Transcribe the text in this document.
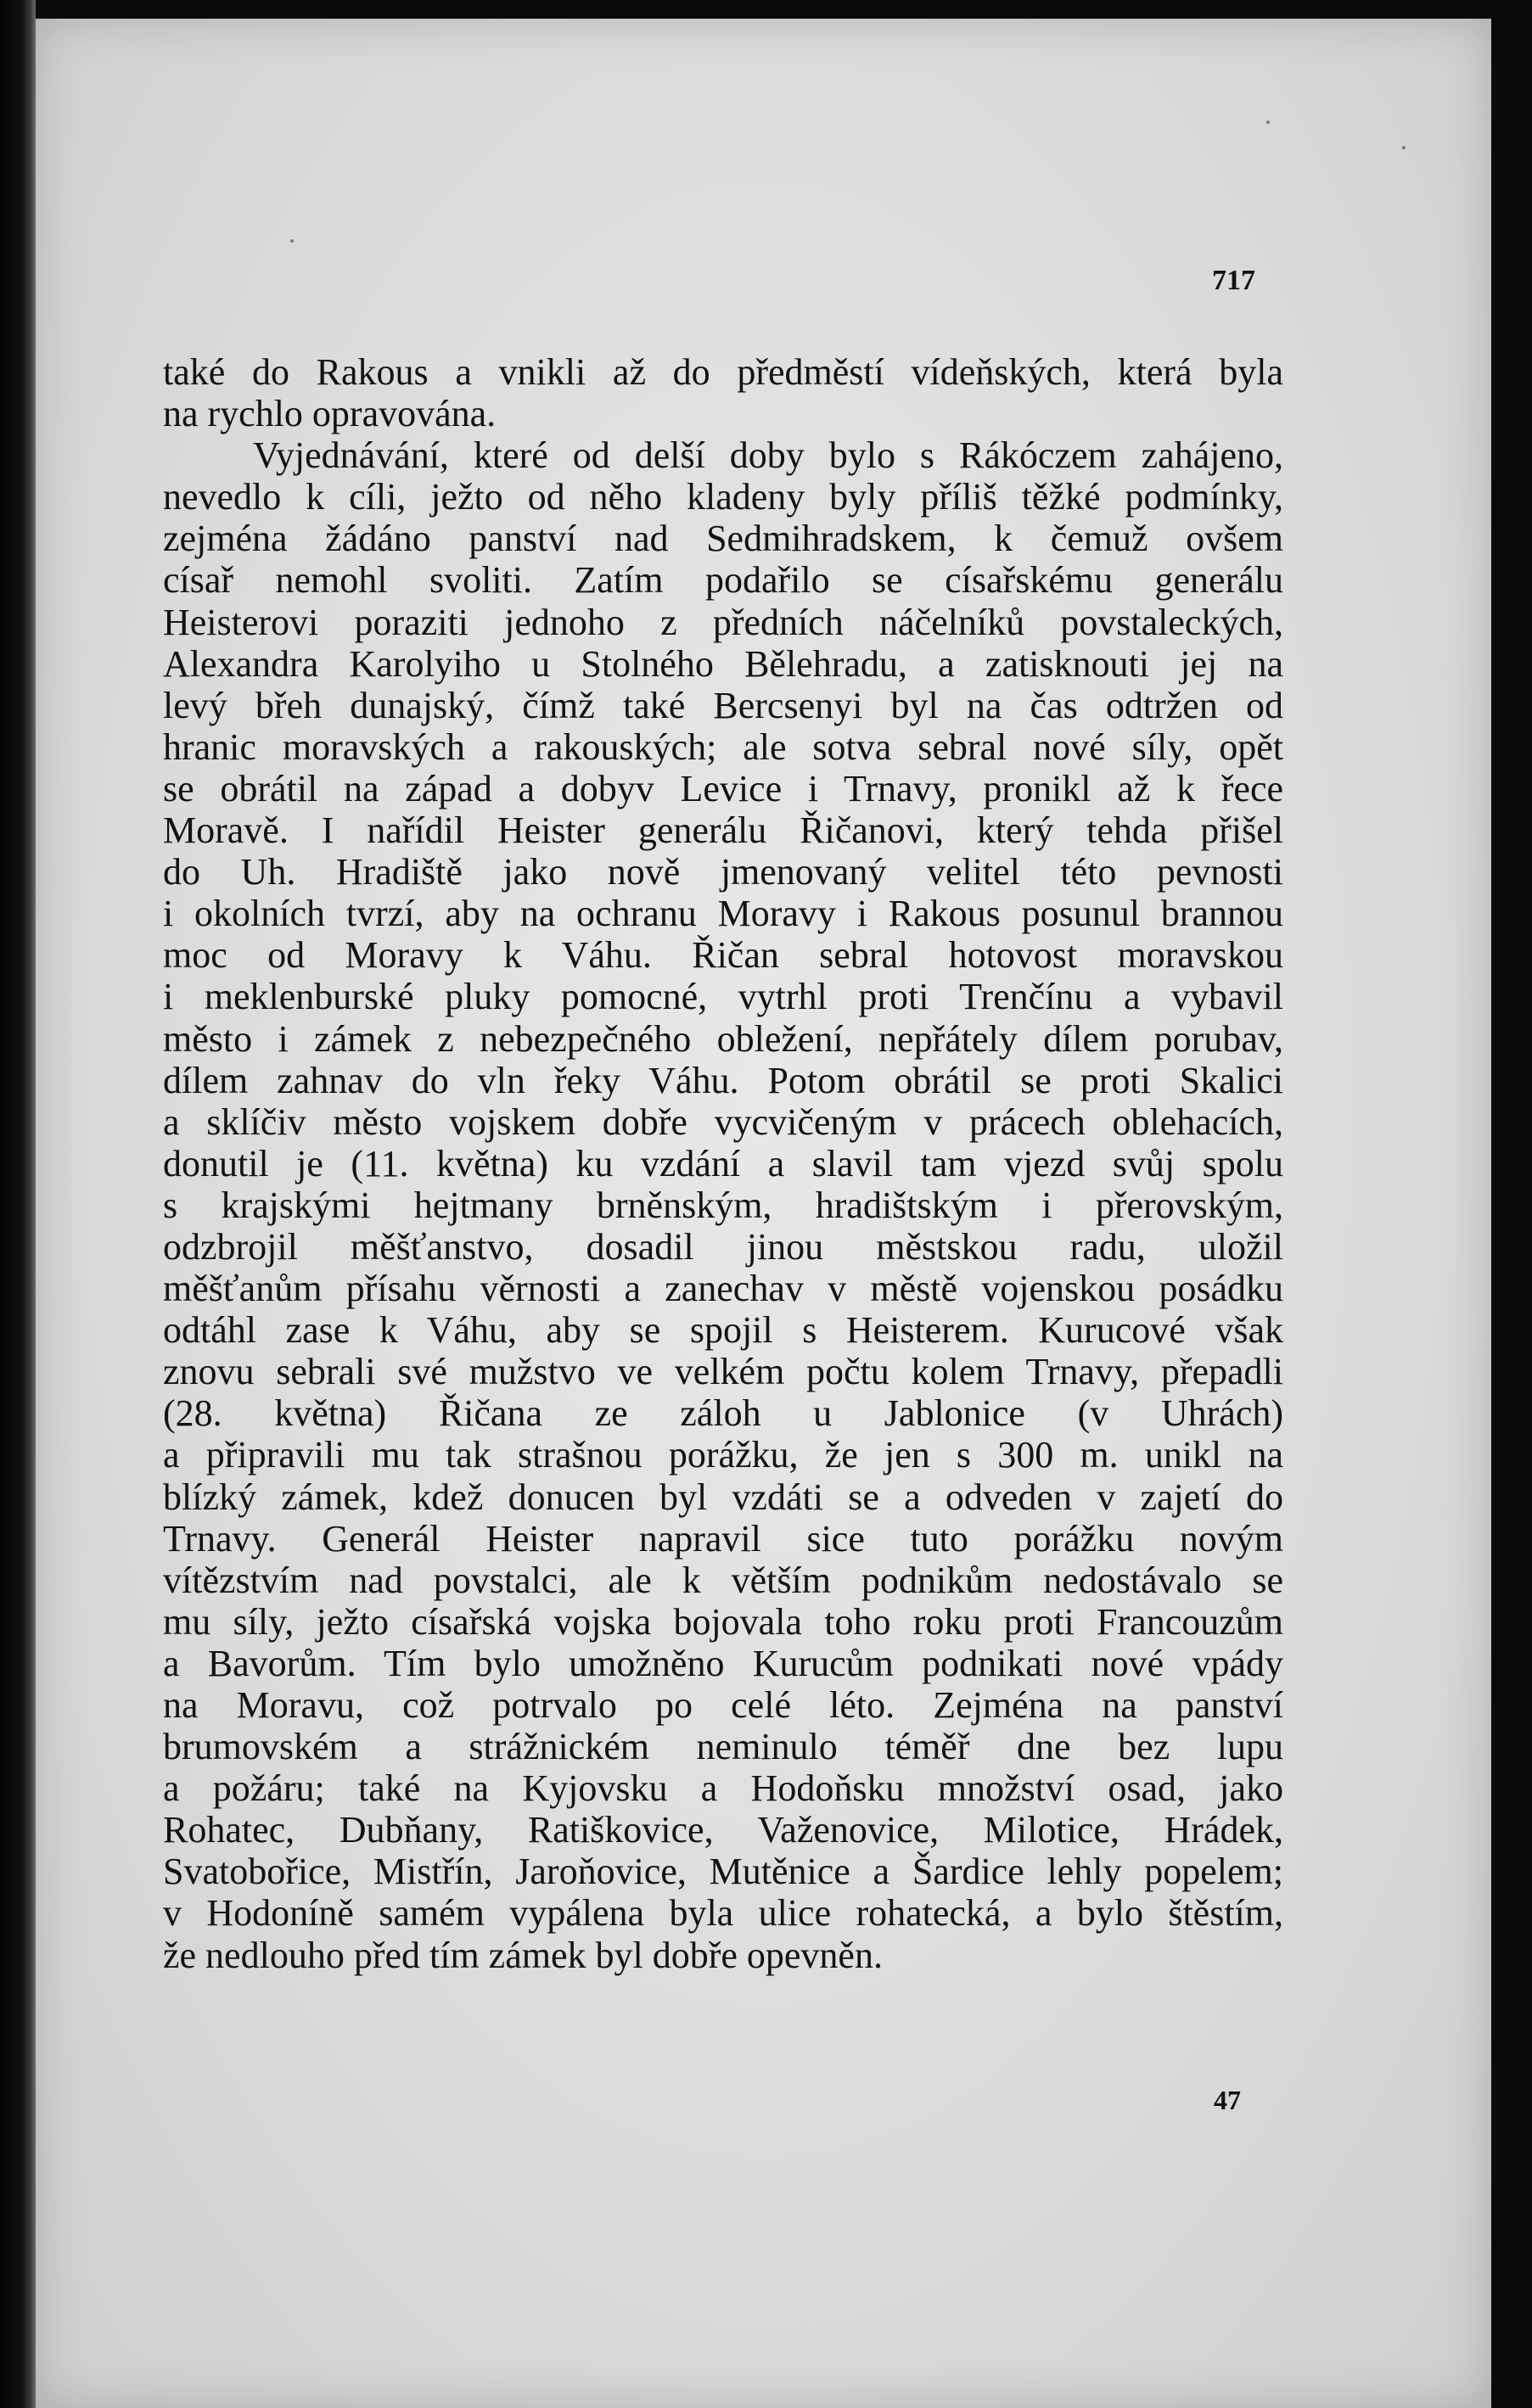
717
také do Rakous a vnikli až do předměstí vídeňských, která byla
na rychlo opravována.
Vyjednávání, které od delší doby bylo s Rákóczem zahájeno,
nevedlo k cíli, ježto od něho kladeny byly příliš těžké podmínky,
zejména žádáno panství nad Sedmihradskem, k čemuž ovšem
císař nemohl svoliti. Zatím podařilo se císařskému generálu
Heisterovi poraziti jednoho z předních náčelníků povstaleckých,
Alexandra Karolyiho u Stolného Bělehradu, a zatisknouti jej na
levý břeh dunajský, čímž také Bercsenyi byl na čas odtržen od
hranic moravských a rakouských; ale sotva sebral nové síly, opět
se obrátil na západ a dobyv Levice i Trnavy, pronikl až k řece
Moravě. I nařídil Heister generálu Řičanovi, který tehda přišel
do Uh. Hradiště jako nově jmenovaný velitel této pevnosti
i okolních tvrzí, aby na ochranu Moravy i Rakous posunul brannou
moc od Moravy k Váhu. Řičan sebral hotovost moravskou
i meklenburské pluky pomocné, vytrhl proti Trenčínu a vybavil
město i zámek z nebezpečného obležení, nepřátely dílem porubav,
dílem zahnav do vln řeky Váhu. Potom obrátil se proti Skalici
a sklíčiv město vojskem dobře vycvičeným v prácech oblehacích,
donutil je (11. května) ku vzdání a slavil tam vjezd svůj spolu
s krajskými hejtmany brněnským, hradištským i přerovským,
odzbrojil měšťanstvo, dosadil jinou městskou radu, uložil
měšťanům přísahu věrnosti a zanechav v městě vojenskou posádku
odtáhl zase k Váhu, aby se spojil s Heisterem. Kurucové však
znovu sebrali své mužstvo ve velkém počtu kolem Trnavy, přepadli
(28. května) Řičana ze záloh u Jablonice (v Uhrách)
a připravili mu tak strašnou porážku, že jen s 300 m. unikl na
blízký zámek, kdež donucen byl vzdáti se a odveden v zajetí do
Trnavy. Generál Heister napravil sice tuto porážku novým
vítězstvím nad povstalci, ale k větším podnikům nedostávalo se
mu síly, ježto císařská vojska bojovala toho roku proti Francouzům
a Bavorům. Tím bylo umožněno Kurucům podnikati nové vpády
na Moravu, což potrvalo po celé léto. Zejména na panství
brumovském a strážnickém neminulo téměř dne bez lupu
a požáru; také na Kyjovsku a Hodoňsku množství osad, jako
Rohatec, Dubňany, Ratiškovice, Važenovice, Milotice, Hrádek,
Svatobořice, Mistřín, Jaroňovice, Mutěnice a Šardice lehly popelem;
v Hodoníně samém vypálena byla ulice rohatecká, a bylo štěstím,
že nedlouho před tím zámek byl dobře opevněn.
47
